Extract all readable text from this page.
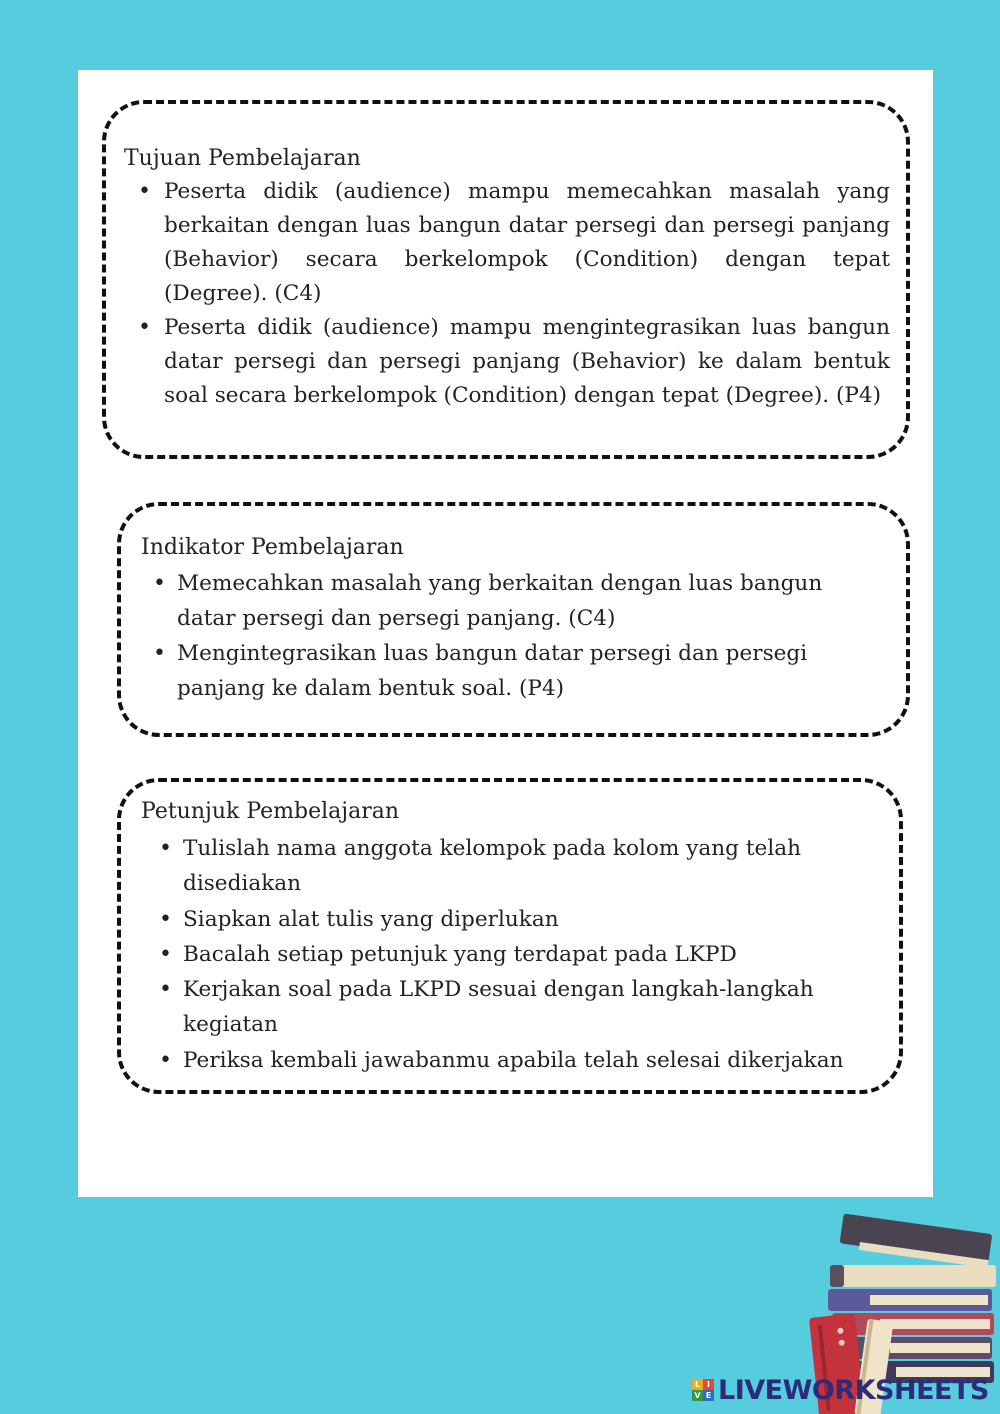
Tujuan Pembelajaran
• Peserta didik (audience) mampu memecahkan masalah yang berkaitan dengan luas bangun datar persegi dan persegi panjang (Behavior) secara berkelompok (Condition) dengan tepat (Degree). (C4)
• Peserta didik (audience) mampu mengintegrasikan luas bangun datar persegi dan persegi panjang (Behavior) ke dalam bentuk soal secara berkelompok (Condition) dengan tepat (Degree). (P4)
Indikator Pembelajaran
• Memecahkan masalah yang berkaitan dengan luas bangun datar persegi dan persegi panjang. (C4)
• Mengintegrasikan luas bangun datar persegi dan persegi panjang ke dalam bentuk soal. (P4)
Petunjuk Pembelajaran
• Tulislah nama anggota kelompok pada kolom yang telah disediakan
• Siapkan alat tulis yang diperlukan
• Bacalah setiap petunjuk yang terdapat pada LKPD
• Kerjakan soal pada LKPD sesuai dengan langkah-langkah kegiatan
• Periksa kembali jawabanmu apabila telah selesai dikerjakan
L I
V E LIVEWORKSHEETS
